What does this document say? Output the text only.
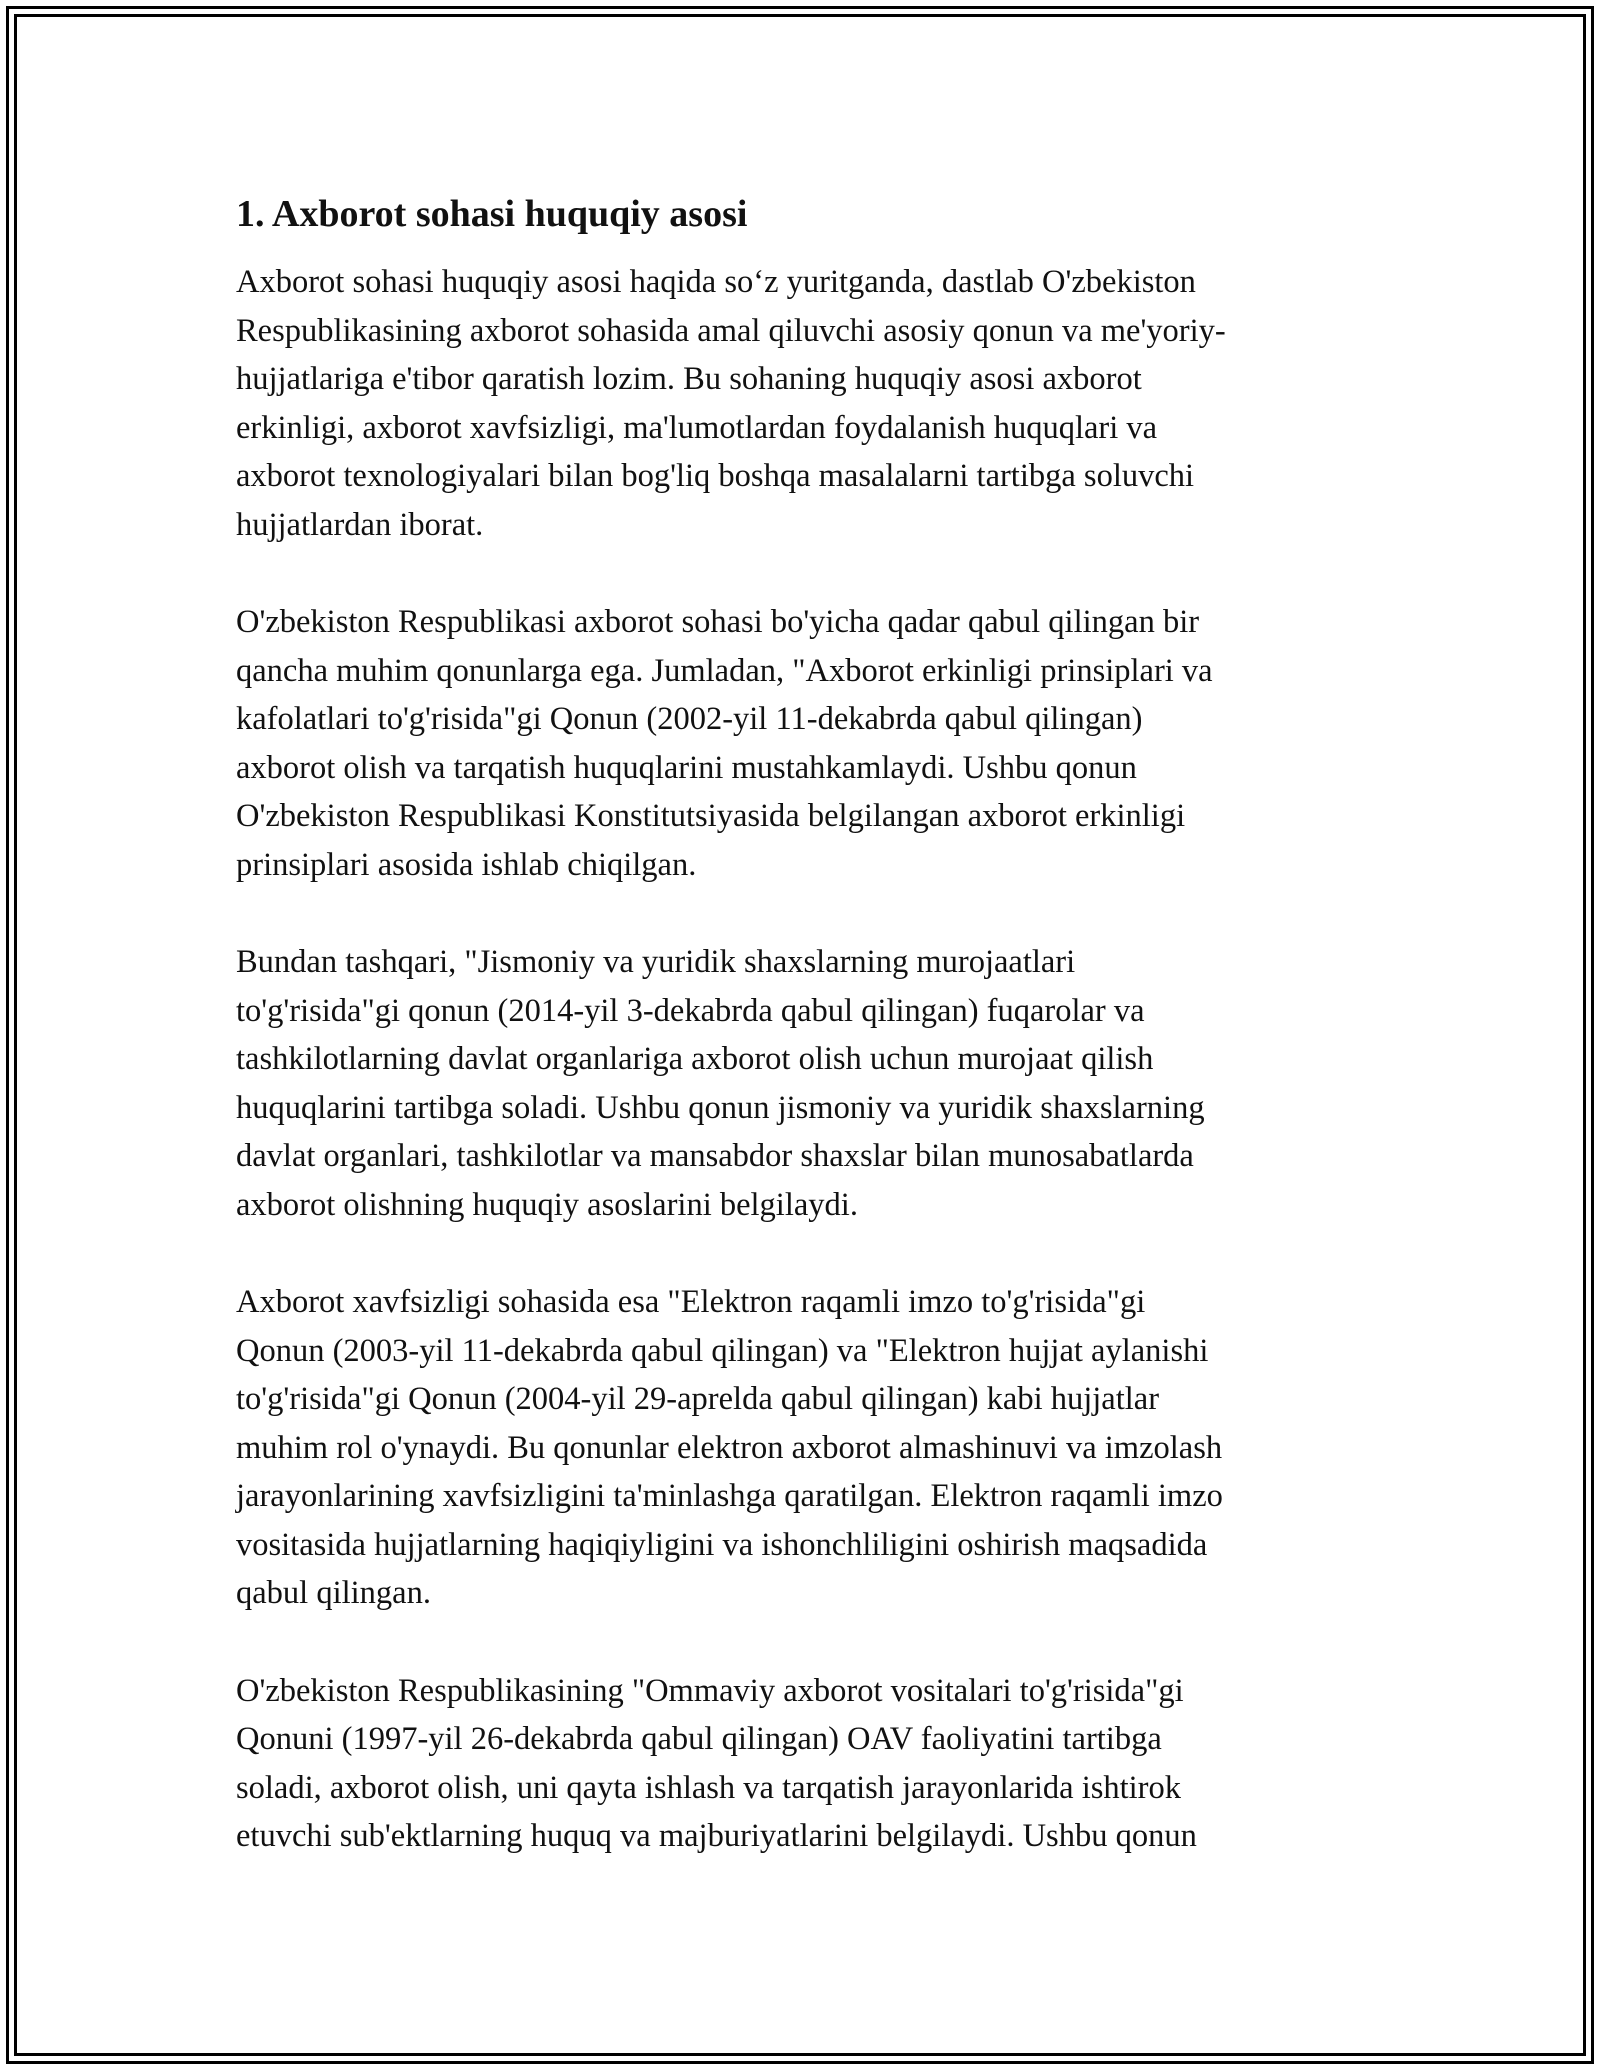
1. Axborot sohasi huquqiy asosi

Axborot sohasi huquqiy asosi haqida soʻz yuritganda, dastlab O'zbekiston
Respublikasining axborot sohasida amal qiluvchi asosiy qonun va me'yoriy-
hujjatlariga e'tibor qaratish lozim. Bu sohaning huquqiy asosi axborot
erkinligi, axborot xavfsizligi, ma'lumotlardan foydalanish huquqlari va
axborot texnologiyalari bilan bog'liq boshqa masalalarni tartibga soluvchi
hujjatlardan iborat.

O'zbekiston Respublikasi axborot sohasi bo'yicha qadar qabul qilingan bir
qancha muhim qonunlarga ega. Jumladan, "Axborot erkinligi prinsiplari va
kafolatlari to'g'risida"gi Qonun (2002-yil 11-dekabrda qabul qilingan)
axborot olish va tarqatish huquqlarini mustahkamlaydi. Ushbu qonun
O'zbekiston Respublikasi Konstitutsiyasida belgilangan axborot erkinligi
prinsiplari asosida ishlab chiqilgan.

Bundan tashqari, "Jismoniy va yuridik shaxslarning murojaatlari
to'g'risida"gi qonun (2014-yil 3-dekabrda qabul qilingan) fuqarolar va
tashkilotlarning davlat organlariga axborot olish uchun murojaat qilish
huquqlarini tartibga soladi. Ushbu qonun jismoniy va yuridik shaxslarning
davlat organlari, tashkilotlar va mansabdor shaxslar bilan munosabatlarda
axborot olishning huquqiy asoslarini belgilaydi.

Axborot xavfsizligi sohasida esa "Elektron raqamli imzo to'g'risida"gi
Qonun (2003-yil 11-dekabrda qabul qilingan) va "Elektron hujjat aylanishi
to'g'risida"gi Qonun (2004-yil 29-aprelda qabul qilingan) kabi hujjatlar
muhim rol o'ynaydi. Bu qonunlar elektron axborot almashinuvi va imzolash
jarayonlarining xavfsizligini ta'minlashga qaratilgan. Elektron raqamli imzo
vositasida hujjatlarning haqiqiyligini va ishonchliligini oshirish maqsadida
qabul qilingan.

O'zbekiston Respublikasining "Ommaviy axborot vositalari to'g'risida"gi
Qonuni (1997-yil 26-dekabrda qabul qilingan) OAV faoliyatini tartibga
soladi, axborot olish, uni qayta ishlash va tarqatish jarayonlarida ishtirok
etuvchi sub'ektlarning huquq va majburiyatlarini belgilaydi. Ushbu qonun
